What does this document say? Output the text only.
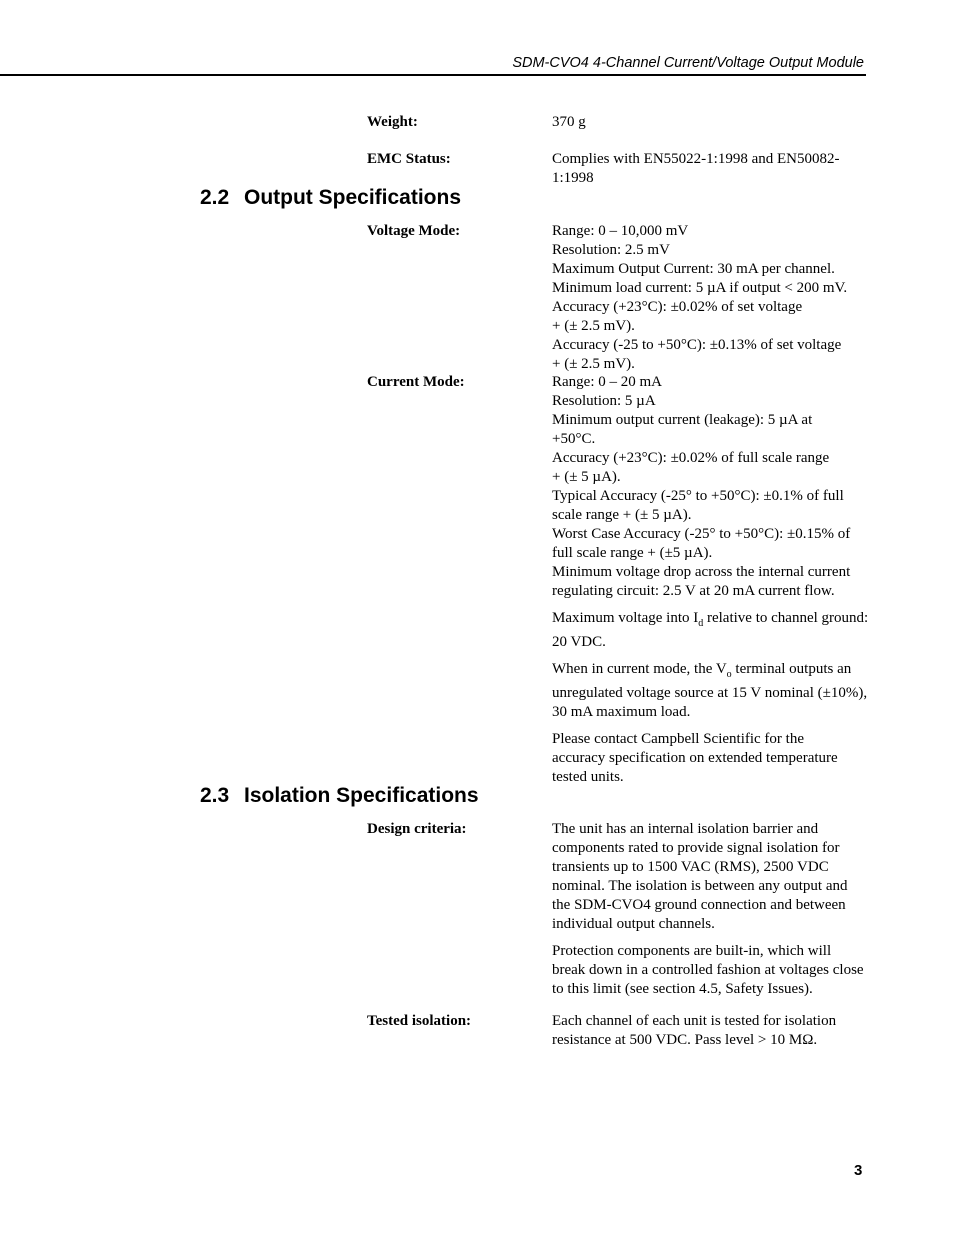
SDM-CVO4 4-Channel Current/Voltage Output Module
Weight:	370 g
EMC Status:	Complies with EN55022-1:1998 and EN50082-1:1998
2.2 Output Specifications
Voltage Mode:	Range: 0 – 10,000 mV
Resolution: 2.5 mV
Maximum Output Current: 30 mA per channel.
Minimum load current: 5 µA if output < 200 mV.
Accuracy (+23°C): ±0.02% of set voltage
+ (± 2.5 mV).
Accuracy (-25 to +50°C): ±0.13% of set voltage
+ (± 2.5 mV).
Current Mode:	Range: 0 – 20 mA
Resolution: 5 µA
Minimum output current (leakage): 5 µA at +50°C.
Accuracy (+23°C): ±0.02% of full scale range
+ (± 5 µA).
Typical Accuracy (-25° to +50°C): ±0.1% of full scale range + (± 5 µA).
Worst Case Accuracy (-25° to +50°C): ±0.15% of full scale range + (±5 µA).
Minimum voltage drop across the internal current regulating circuit: 2.5 V at 20 mA current flow.

Maximum voltage into $I_d$ relative to channel ground: 20 VDC.

When in current mode, the $V_o$ terminal outputs an unregulated voltage source at 15 V nominal (±10%), 30 mA maximum load.

Please contact Campbell Scientific for the accuracy specification on extended temperature tested units.

2.3 Isolation Specifications
Design criteria:	The unit has an internal isolation barrier and components rated to provide signal isolation for transients up to 1500 VAC (RMS), 2500 VDC nominal. The isolation is between any output and the SDM-CVO4 ground connection and between individual output channels.

Protection components are built-in, which will break down in a controlled fashion at voltages close to this limit (see section 4.5, Safety Issues).

Tested isolation:	Each channel of each unit is tested for isolation resistance at 500 VDC. Pass level > 10 MΩ.
3
